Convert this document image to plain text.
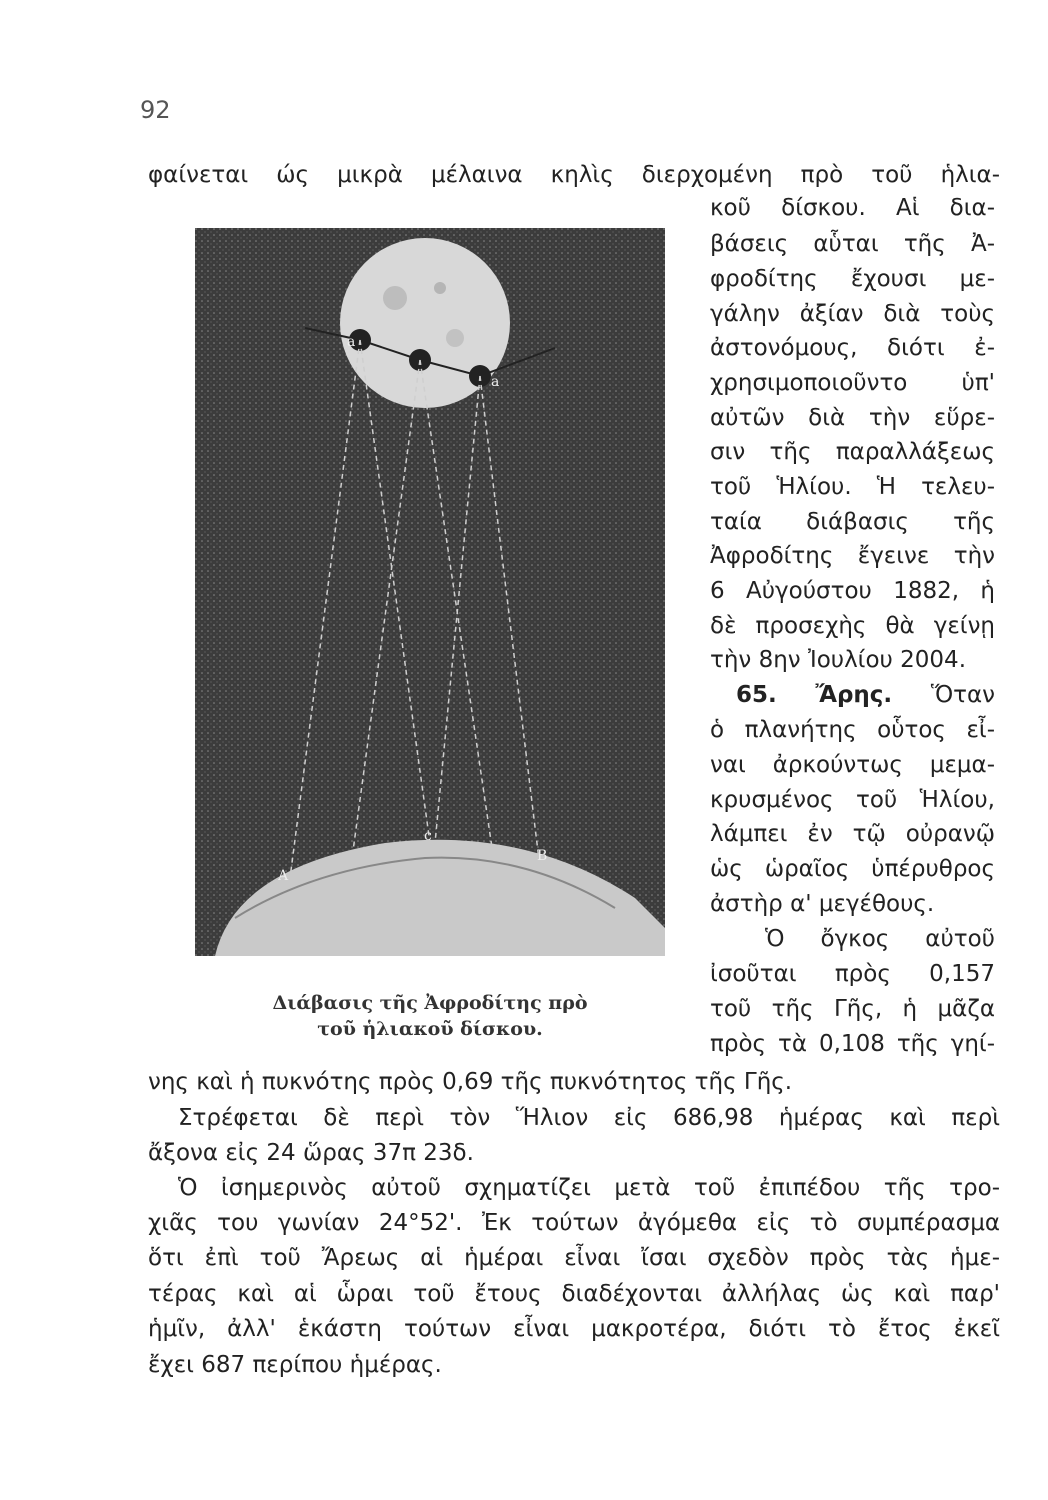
92
φαίνεται ώς μικρὰ μέλαινα κηλὶς διερχομένη πρὸ τοῦ ἡλια-
a
a
c
B
A
Διάβασις τῆς Ἀφροδίτης πρὸ
τοῦ ἡλιακοῦ δίσκου.
κοῦ δίσκου. Αἱ δια-
βάσεις αὗται τῆς Ἀ-
φροδίτης ἔχουσι με-
γάλην ἀξίαν διὰ τοὺς
ἀστονόμους, διότι ἐ-
χρησιμοποιοῦντο ὑπ'
αὐτῶν διὰ τὴν εὕρε-
σιν τῆς παραλλάξεως
τοῦ Ἡλίου. Ἡ τελευ-
ταία διάβασις τῆς
Ἀφροδίτης ἔγεινε τὴν
6 Αὐγούστου 1882, ἡ
δὲ προσεχὴς θὰ γείνῃ
τὴν 8ην Ἰουλίου 2004.
65. Ἄρης. Ὅταν
ὁ πλανήτης οὗτος εἶ-
ναι ἀρκούντως μεμα-
κρυσμένος τοῦ Ἡλίου,
λάμπει ἐν τῷ οὐρανῷ
ὡς ὡραῖος ὑπέρυθρος
ἀστὴρ α' μεγέθους.
Ὁ ὄγκος αὐτοῦ
ἰσοῦται πρὸς 0,157
τοῦ τῆς Γῆς, ἡ μᾶζα
πρὸς τὰ 0,108 τῆς γηί-
νης καὶ ἡ πυκνότης πρὸς 0,69 τῆς πυκνότητος τῆς Γῆς.
Στρέφεται δὲ περὶ τὸν Ἥλιον εἰς 686,98 ἡμέρας καὶ περὶ
ἄξονα εἰς 24 ὥρας 37π 23δ.
Ὁ ἰσημερινὸς αὐτοῦ σχηματίζει μετὰ τοῦ ἐπιπέδου τῆς τρο-
χιᾶς του γωνίαν 24°52'. Ἐκ τούτων ἀγόμεθα εἰς τὸ συμπέρασμα
ὅτι ἐπὶ τοῦ Ἄρεως αἱ ἡμέραι εἶναι ἴσαι σχεδὸν πρὸς τὰς ἡμε-
τέρας καὶ αἱ ὧραι τοῦ ἔτους διαδέχονται ἀλλήλας ὡς καὶ παρ'
ἡμῖν, ἀλλ' ἑκάστη τούτων εἶναι μακροτέρα, διότι τὸ ἔτος ἐκεῖ
ἔχει 687 περίπου ἡμέρας.
